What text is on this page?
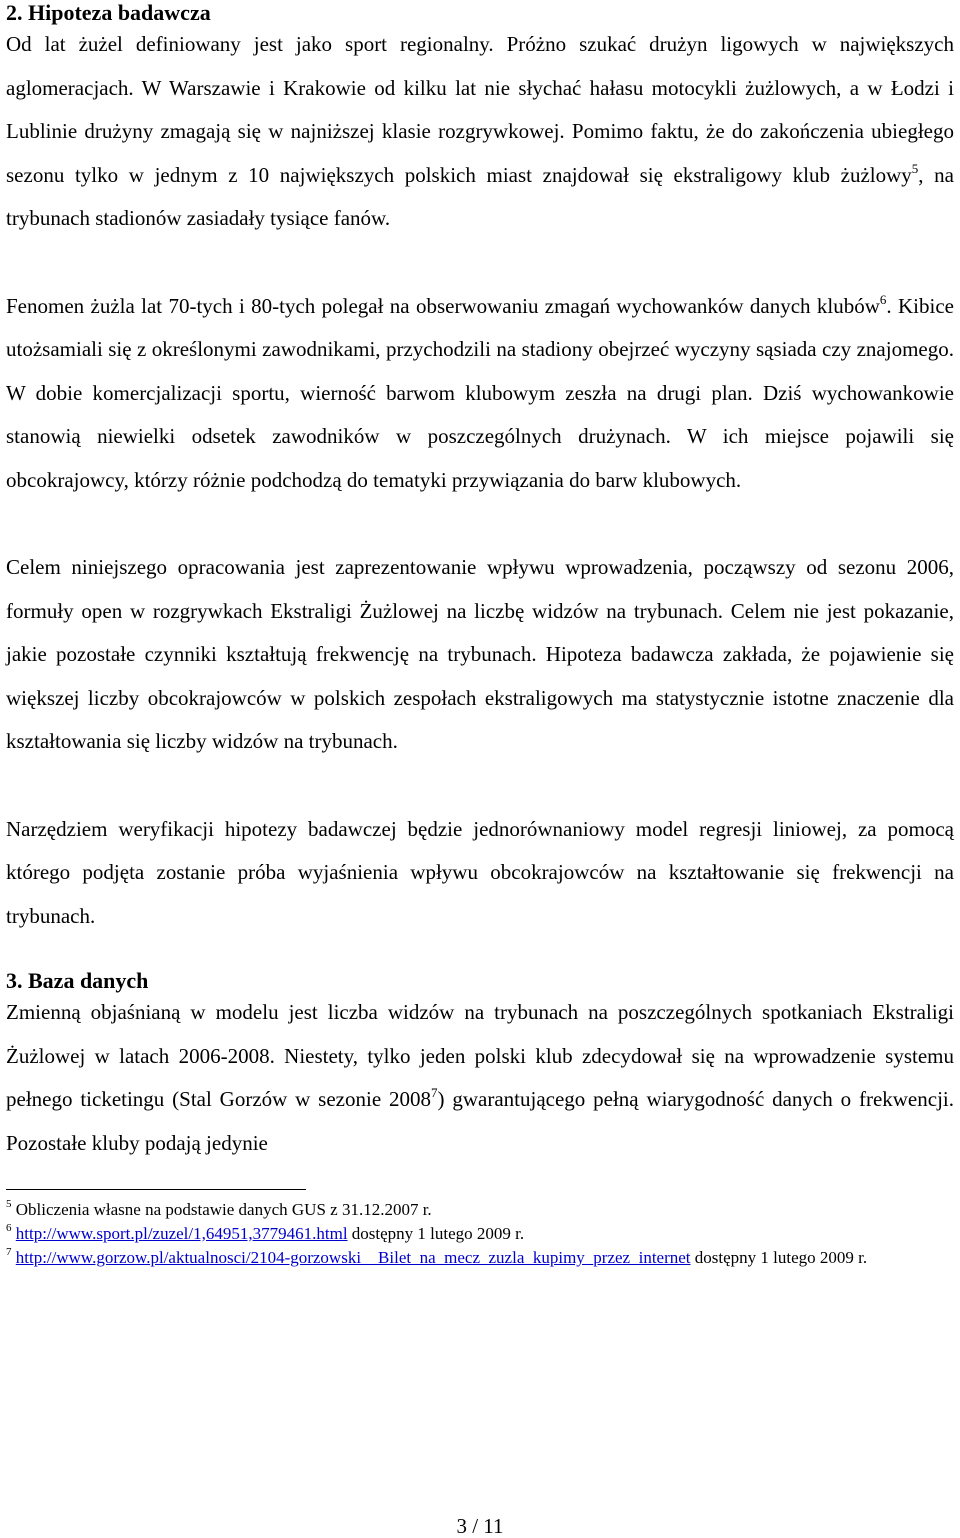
2. Hipoteza badawcza

Od lat żużel definiowany jest jako sport regionalny. Próżno szukać drużyn ligowych w największych aglomeracjach. W Warszawie i Krakowie od kilku lat nie słychać hałasu motocykli żużlowych, a w Łodzi i Lublinie drużyny zmagają się w najniższej klasie rozgrywkowej. Pomimo faktu, że do zakończenia ubiegłego sezonu tylko w jednym z 10 największych polskich miast znajdował się ekstraligowy klub żużlowy$^5$, na trybunach stadionów zasiadały tysiące fanów.

Fenomen żużla lat 70-tych i 80-tych polegał na obserwowaniu zmagań wychowanków danych klubów$^6$. Kibice utożsamiali się z określonymi zawodnikami, przychodzili na stadiony obejrzeć wyczyny sąsiada czy znajomego. W dobie komercjalizacji sportu, wierność barwom klubowym zeszła na drugi plan. Dziś wychowankowie stanowią niewielki odsetek zawodników w poszczególnych drużynach. W ich miejsce pojawili się obcokrajowcy, którzy różnie podchodzą do tematyki przywiązania do barw klubowych.

Celem niniejszego opracowania jest zaprezentowanie wpływu wprowadzenia, począwszy od sezonu 2006, formuły open w rozgrywkach Ekstraligi Żużlowej na liczbę widzów na trybunach. Celem nie jest pokazanie, jakie pozostałe czynniki kształtują frekwencję na trybunach. Hipoteza badawcza zakłada, że pojawienie się większej liczby obcokrajowców w polskich zespołach ekstraligowych ma statystycznie istotne znaczenie dla kształtowania się liczby widzów na trybunach.

Narzędziem weryfikacji hipotezy badawczej będzie jednorównaniowy model regresji liniowej, za pomocą którego podjęta zostanie próba wyjaśnienia wpływu obcokrajowców na kształtowanie się frekwencji na trybunach.

3. Baza danych

Zmienną objaśnianą w modelu jest liczba widzów na trybunach na poszczególnych spotkaniach Ekstraligi Żużlowej w latach 2006-2008. Niestety, tylko jeden polski klub zdecydował się na wprowadzenie systemu pełnego ticketingu (Stal Gorzów w sezonie 2008$^7$) gwarantującego pełną wiarygodność danych o frekwencji. Pozostałe kluby podają jedynie

$^5$ Obliczenia własne na podstawie danych GUS z 31.12.2007 r.
$^6$ http://www.sport.pl/zuzel/1,64951,3779461.html dostępny 1 lutego 2009 r.
$^7$ http://www.gorzow.pl/aktualnosci/2104-gorzowski__Bilet_na_mecz_zuzla_kupimy_przez_internet dostępny 1 lutego 2009 r.
3 / 11
